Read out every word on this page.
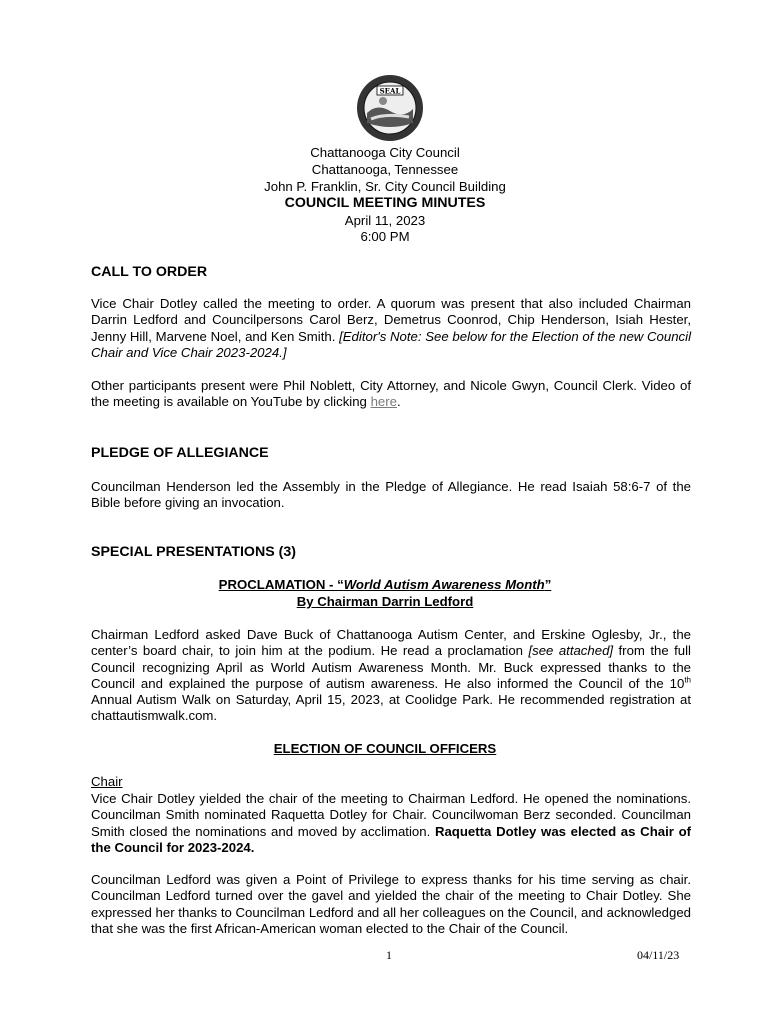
SEAL
Chattanooga City Council
Chattanooga, Tennessee
John P. Franklin, Sr. City Council Building
COUNCIL MEETING MINUTES
April 11, 2023
6:00 PM
CALL TO ORDER
Vice Chair Dotley called the meeting to order. A quorum was present that also included Chairman Darrin Ledford and Councilpersons Carol Berz, Demetrus Coonrod, Chip Henderson, Isiah Hester, Jenny Hill, Marvene Noel, and Ken Smith. [Editor's Note: See below for the Election of the new Council Chair and Vice Chair 2023-2024.]
Other participants present were Phil Noblett, City Attorney, and Nicole Gwyn, Council Clerk. Video of the meeting is available on YouTube by clicking here.
PLEDGE OF ALLEGIANCE
Councilman Henderson led the Assembly in the Pledge of Allegiance. He read Isaiah 58:6-7 of the Bible before giving an invocation.
SPECIAL PRESENTATIONS (3)
PROCLAMATION - “World Autism Awareness Month”
By Chairman Darrin Ledford
Chairman Ledford asked Dave Buck of Chattanooga Autism Center, and Erskine Oglesby, Jr., the center’s board chair, to join him at the podium. He read a proclamation [see attached] from the full Council recognizing April as World Autism Awareness Month. Mr. Buck expressed thanks to the Council and explained the purpose of autism awareness. He also informed the Council of the 10th Annual Autism Walk on Saturday, April 15, 2023, at Coolidge Park. He recommended registration at chattautismwalk.com.
ELECTION OF COUNCIL OFFICERS
Chair
Vice Chair Dotley yielded the chair of the meeting to Chairman Ledford. He opened the nominations. Councilman Smith nominated Raquetta Dotley for Chair. Councilwoman Berz seconded. Councilman Smith closed the nominations and moved by acclimation. Raquetta Dotley was elected as Chair of the Council for 2023-2024.
Councilman Ledford was given a Point of Privilege to express thanks for his time serving as chair. Councilman Ledford turned over the gavel and yielded the chair of the meeting to Chair Dotley. She expressed her thanks to Councilman Ledford and all her colleagues on the Council, and acknowledged that she was the first African-American woman elected to the Chair of the Council.
1	04/11/23
